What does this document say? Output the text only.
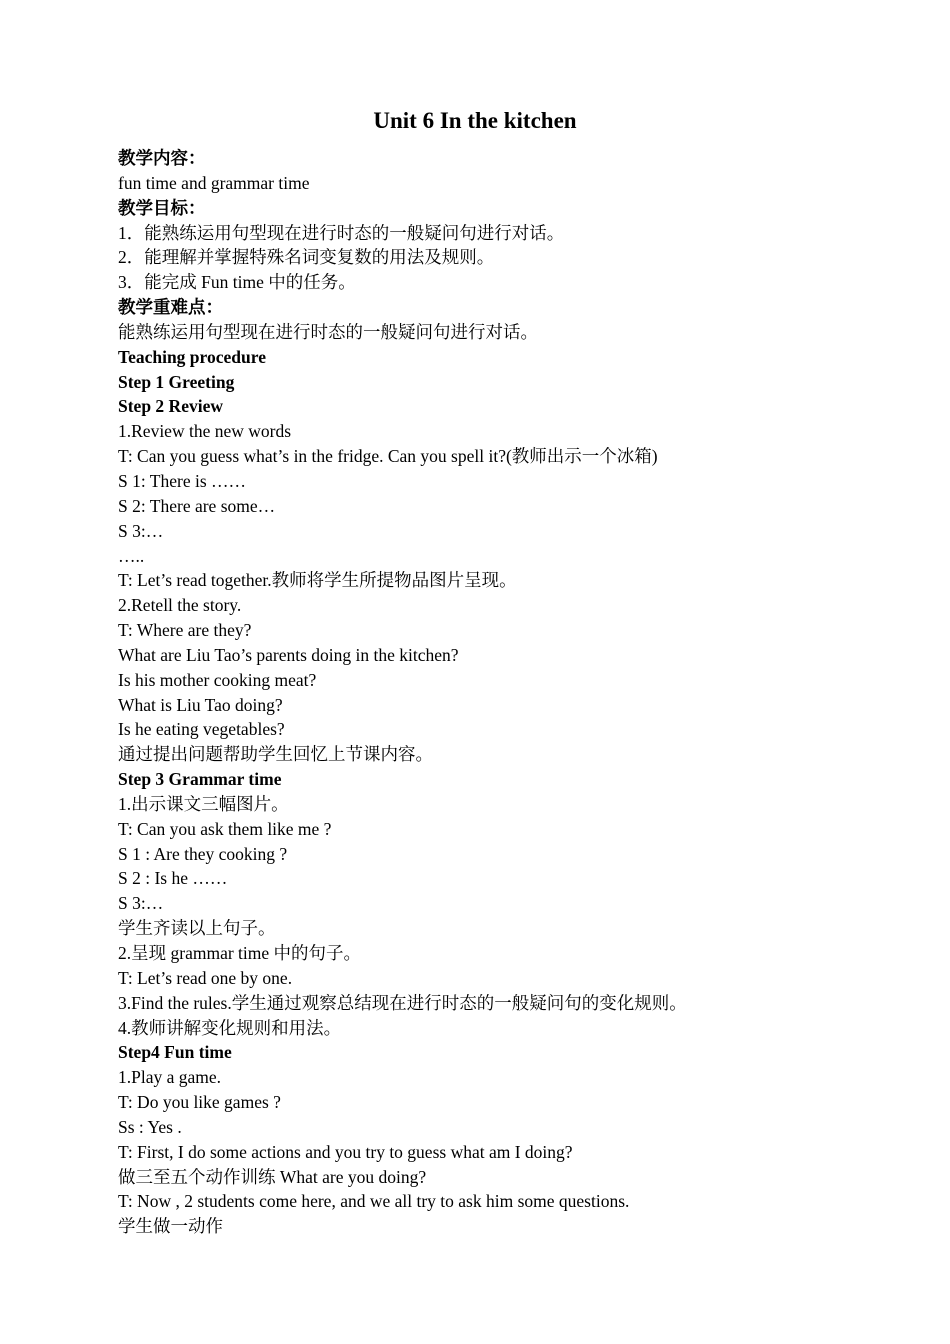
Unit 6 In the kitchen
教学内容：
fun time and grammar time
教学目标：
1．能熟练运用句型现在进行时态的一般疑问句进行对话。
2．能理解并掌握特殊名词变复数的用法及规则。
3．能完成 Fun time 中的任务。
教学重难点：
能熟练运用句型现在进行时态的一般疑问句进行对话。
Teaching procedure
Step 1 Greeting
Step 2 Review
1.Review the new words
T: Can you guess what’s in the fridge. Can you spell it?(教师出示一个冰箱)
S 1: There is ……
S 2: There are some…
S 3:…
…..
T: Let’s read together.教师将学生所提物品图片呈现。
2.Retell the story.
T: Where are they?
What are Liu Tao’s parents doing in the kitchen?
Is his mother cooking meat?
What is Liu Tao doing?
Is he eating vegetables?
通过提出问题帮助学生回忆上节课内容。
Step 3 Grammar time
1.出示课文三幅图片。
T: Can you ask them like me ?
S 1 : Are they cooking ?
S 2 : Is he ……
S 3:…
学生齐读以上句子。
2.呈现 grammar time 中的句子。
T: Let’s read one by one.
3.Find the rules.学生通过观察总结现在进行时态的一般疑问句的变化规则。
4.教师讲解变化规则和用法。
Step4 Fun time
1.Play a game.
T: Do you like games ?
Ss : Yes .
T: First, I do some actions and you try to guess what am I doing?
做三至五个动作训练 What are you doing?
T: Now , 2 students come here, and we all try to ask him some questions.
学生做一动作
